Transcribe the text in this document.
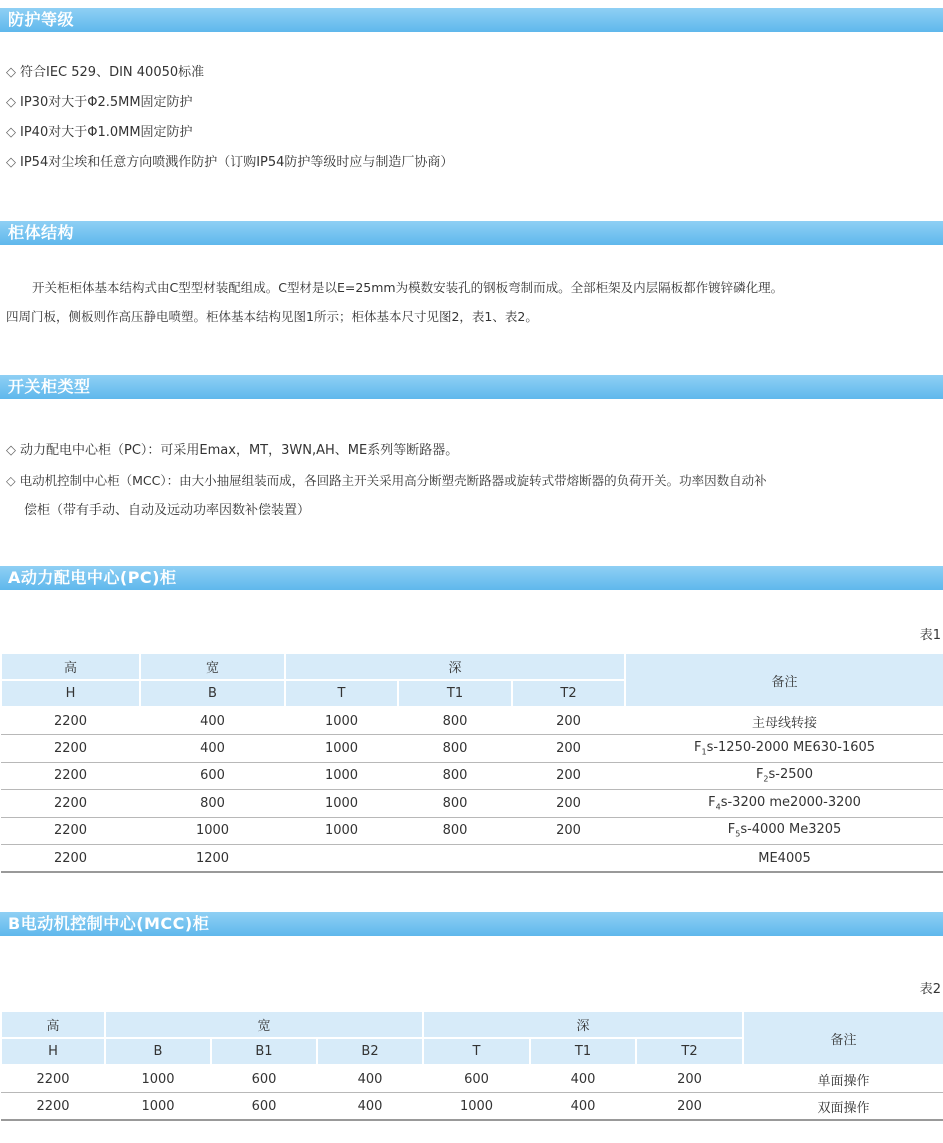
防护等级
◇ 符合IEC 529、DIN 40050标准
◇ IP30对大于Φ2.5MM固定防护
◇ IP40对大于Φ1.0MM固定防护
◇ IP54对尘埃和任意方向喷溅作防护（订购IP54防护等级时应与制造厂协商）
柜体结构
开关柜柜体基本结构式由C型型材装配组成。C型材是以E=25mm为模数安装孔的钢板弯制而成。全部柜架及内层隔板都作镀锌磷化理。
四周门板，侧板则作高压静电喷塑。柜体基本结构见图1所示；柜体基本尺寸见图2，表1、表2。
开关柜类型
◇ 动力配电中心柜（PC）：可采用Emax，MT，3WN,AH、ME系列等断路器。
◇ 电动机控制中心柜（MCC）：由大小抽屉组装而成，各回路主开关采用高分断塑壳断路器或旋转式带熔断器的负荷开关。功率因数自动补
偿柜（带有手动、自动及远动功率因数补偿装置）
A动力配电中心(PC)柜
表1
高	宽	深			备注
H	B	T	T1	T2	
2200	400	1000	800	200	主母线转接
2200	400	1000	800	200	$F_1s-1250-2000$ ME630-1605
2200	600	1000	800	200	$F_2s-2500$
2200	800	1000	800	200	$F_4s-3200$ me2000-3200
2200	1000	1000	800	200	$F_5s-4000$ Me3205
2200	1200				ME4005
B电动机控制中心(MCC)柜
表2
高	宽			深			备注
H	B	B1	B2	T	T1	T2	
2200	1000	600	400	600	400	200	单面操作
2200	1000	600	400	1000	400	200	双面操作
